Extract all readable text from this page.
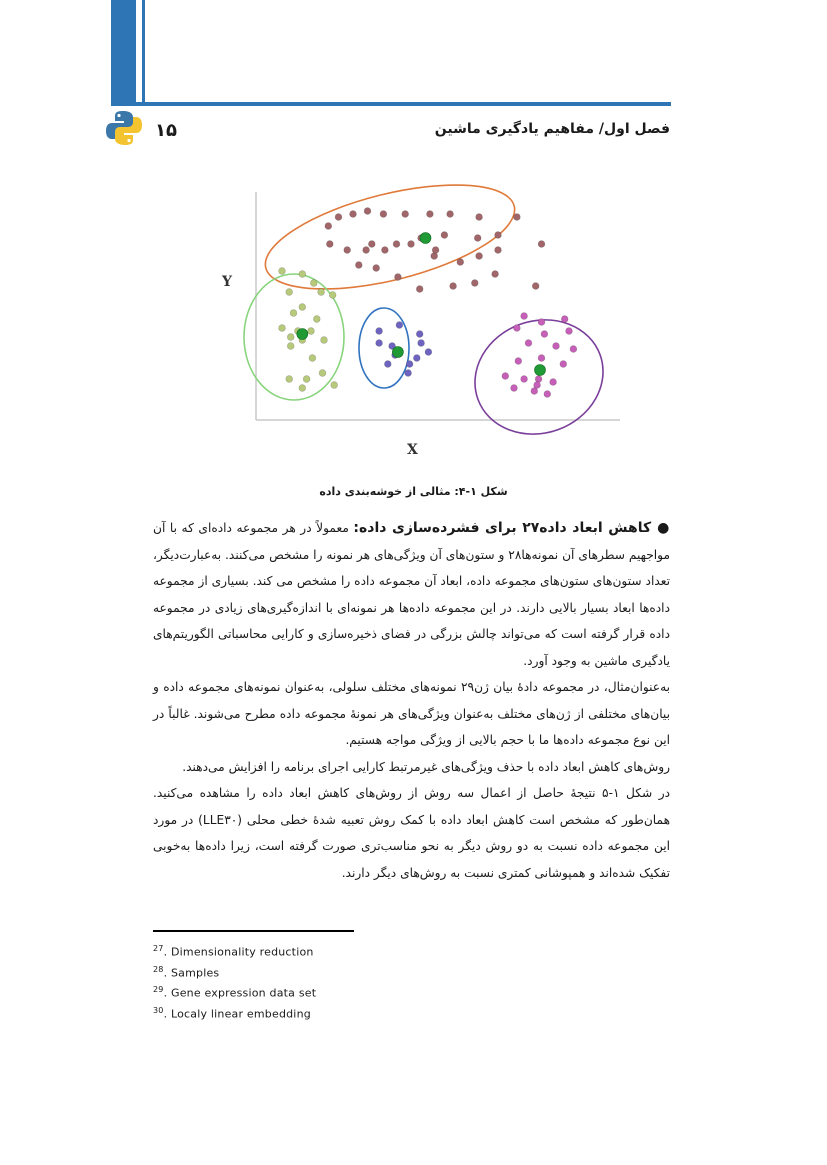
۱۵	فصل اول/ مفاهیم یادگیری ماشین
Y
X
شکل ۱-۴: مثالی از خوشه‌بندی داده

●کاهش ابعاد داده۲۷ برای فشرده‌سازی داده: معمولاً در هر مجموعه داده‌ای که با آن مواجهیم سطرهای آن نمونه‌ها۲۸ و ستون‌های آن ویژگی‌های هر نمونه را مشخص می‌کنند. به‌عبارت‌دیگر، تعداد ستون‌های ستون‌های مجموعه داده، ابعاد آن مجموعه داده را مشخص می کند. بسیاری از مجموعه داده‌ها ابعاد بسیار بالایی دارند. در این مجموعه داده‌ها هر نمونه‌ای با اندازه‌گیری‌های زیادی در مجموعه داده قرار گرفته است که می‌تواند چالش بزرگی در فضای ذخیره‌سازی و کارایی محاسباتی الگوریتم‌های یادگیری ماشین به وجود آورد.

به‌عنوان‌مثال، در مجموعه دادهٔ بیان ژن۲۹ نمونه‌های مختلف سلولی، به‌عنوان نمونه‌های مجموعه داده و بیان‌های مختلفی از ژن‌های مختلف به‌عنوان ویژگی‌های هر نمونهٔ مجموعه داده مطرح می‌شوند. غالباً در این نوع مجموعه داده‌ها ما با حجم بالایی از ویژگی مواجه هستیم.

روش‌های کاهش ابعاد داده با حذف ویژگی‌های غیرمرتبط کارایی اجرای برنامه را افزایش می‌دهند.

در شکل ۱-۵ نتیجهٔ حاصل از اعمال سه روش از روش‌های کاهش ابعاد داده را مشاهده می‌کنید. همان‌طور که مشخص است کاهش ابعاد داده با کمک روش تعبیه شدهٔ خطی محلی (LLE۳۰) در مورد این مجموعه داده نسبت به دو روش دیگر به نحو مناسب‌تری صورت گرفته است، زیرا داده‌ها به‌خوبی تفکیک شده‌اند و همپوشانی کمتری نسبت به روش‌های دیگر دارند.

$^{27}$. Dimensionality reduction
$^{28}$. Samples
$^{29}$. Gene expression data set
$^{30}$. Localy linear embedding
